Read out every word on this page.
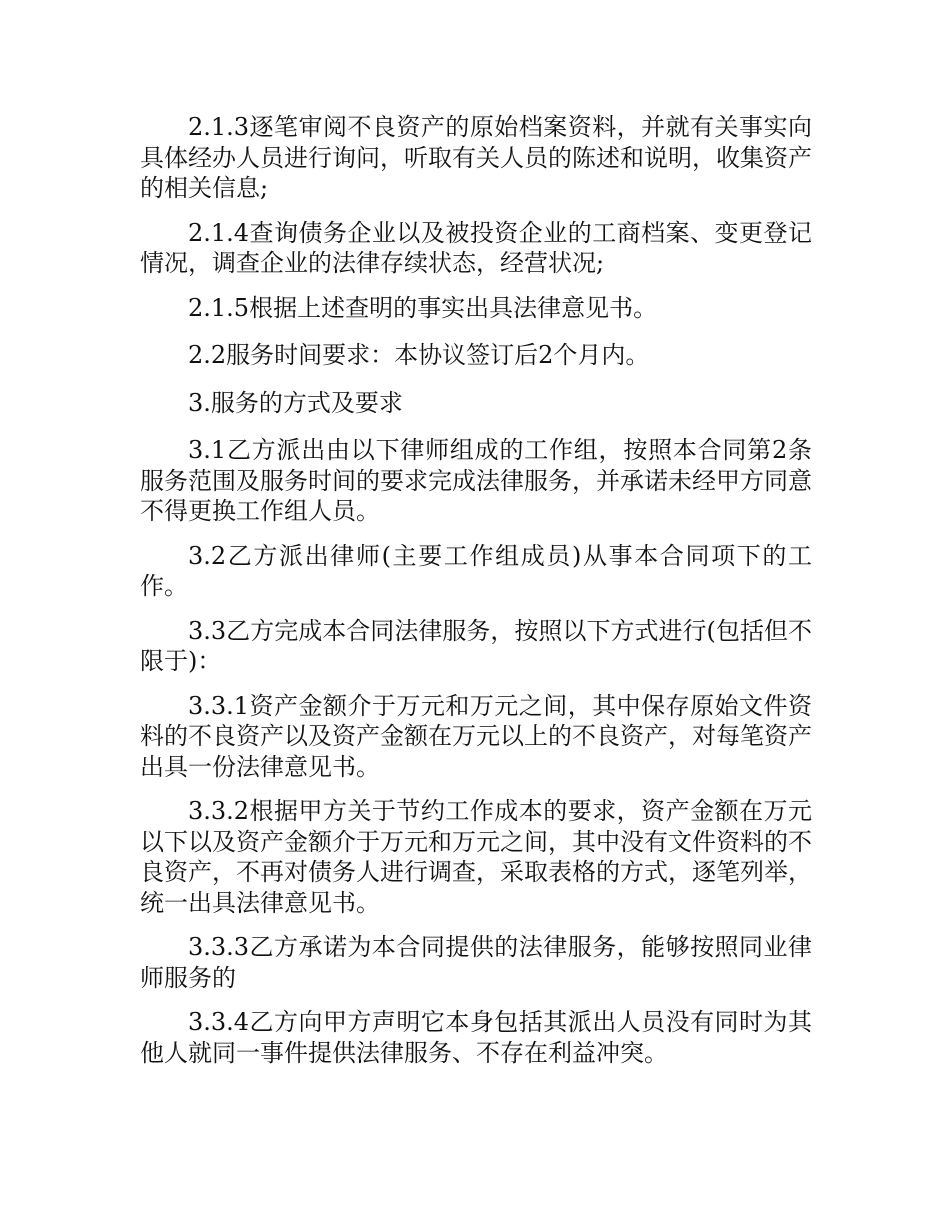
2.1.3逐笔审阅不良资产的原始档案资料，并就有关事实向具体经办人员进行询问，听取有关人员的陈述和说明，收集资产的相关信息;

2.1.4查询债务企业以及被投资企业的工商档案、变更登记情况，调查企业的法律存续状态，经营状况;

2.1.5根据上述查明的事实出具法律意见书。

2.2服务时间要求：本协议签订后2个月内。

3.服务的方式及要求

3.1乙方派出由以下律师组成的工作组，按照本合同第2条服务范围及服务时间的要求完成法律服务，并承诺未经甲方同意不得更换工作组人员。

3.2乙方派出律师(主要工作组成员)从事本合同项下的工作。

3.3乙方完成本合同法律服务，按照以下方式进行(包括但不限于)：

3.3.1资产金额介于万元和万元之间，其中保存原始文件资料的不良资产以及资产金额在万元以上的不良资产，对每笔资产出具一份法律意见书。

3.3.2根据甲方关于节约工作成本的要求，资产金额在万元以下以及资产金额介于万元和万元之间，其中没有文件资料的不良资产，不再对债务人进行调查，采取表格的方式，逐笔列举，统一出具法律意见书。

3.3.3乙方承诺为本合同提供的法律服务，能够按照同业律师服务的

3.3.4乙方向甲方声明它本身包括其派出人员没有同时为其他人就同一事件提供法律服务、不存在利益冲突。
